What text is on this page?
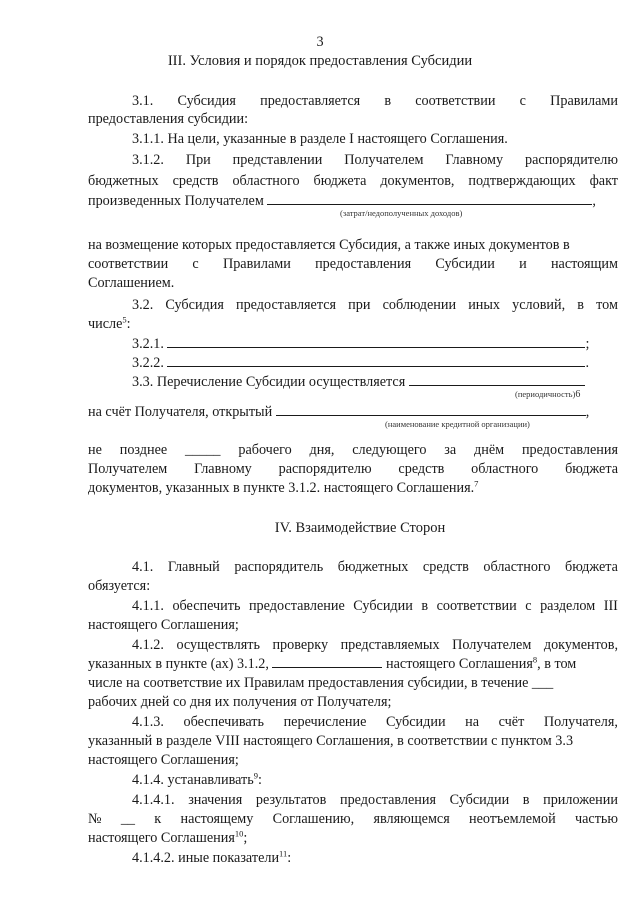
3
III. Условия и порядок предоставления Субсидии
3.1. Субсидия предоставляется в соответствии с Правилами
предоставления субсидии:
3.1.1. На цели, указанные в разделе I настоящего Соглашения.
3.1.2. При представлении Получателем Главному распорядителю
бюджетных средств областного бюджета документов, подтверждающих факт
произведенных Получателем	,
(затрат/недополученных доходов)
на возмещение которых предоставляется Субсидия, а также иных документов в
соответствии с Правилами предоставления Субсидии и настоящим
Соглашением.
3.2. Субсидия предоставляется при соблюдении иных условий, в том
числе$^5$:
3.2.1.	;
3.2.2.	.
3.3. Перечисление Субсидии осуществляется
(периодичность)6
на счёт Получателя, открытый	,
(наименование кредитной организации)
не позднее _____ рабочего дня, следующего за днём предоставления
Получателем Главному распорядителю средств областного бюджета
документов, указанных в пункте 3.1.2. настоящего Соглашения.$^7$
IV. Взаимодействие Сторон
4.1. Главный распорядитель бюджетных средств областного бюджета
обязуется:
4.1.1. обеспечить предоставление Субсидии в соответствии с разделом III
настоящего Соглашения;
4.1.2. осуществлять проверку представляемых Получателем документов,
указанных в пункте (ах) 3.1.2,	настоящего Соглашения$^8$, в том
числе на соответствие их Правилам предоставления субсидии, в течение ___
рабочих дней со дня их получения от Получателя;
4.1.3. обеспечивать перечисление Субсидии на счёт Получателя,
указанный в разделе VIII настоящего Соглашения, в соответствии с пунктом 3.3
настоящего Соглашения;
4.1.4. устанавливать$^9$:
4.1.4.1. значения результатов предоставления Субсидии в приложении
№ __ к настоящему Соглашению, являющемся неотъемлемой частью
настоящего Соглашения$^{10}$;
4.1.4.2. иные показатели$^{11}$:
